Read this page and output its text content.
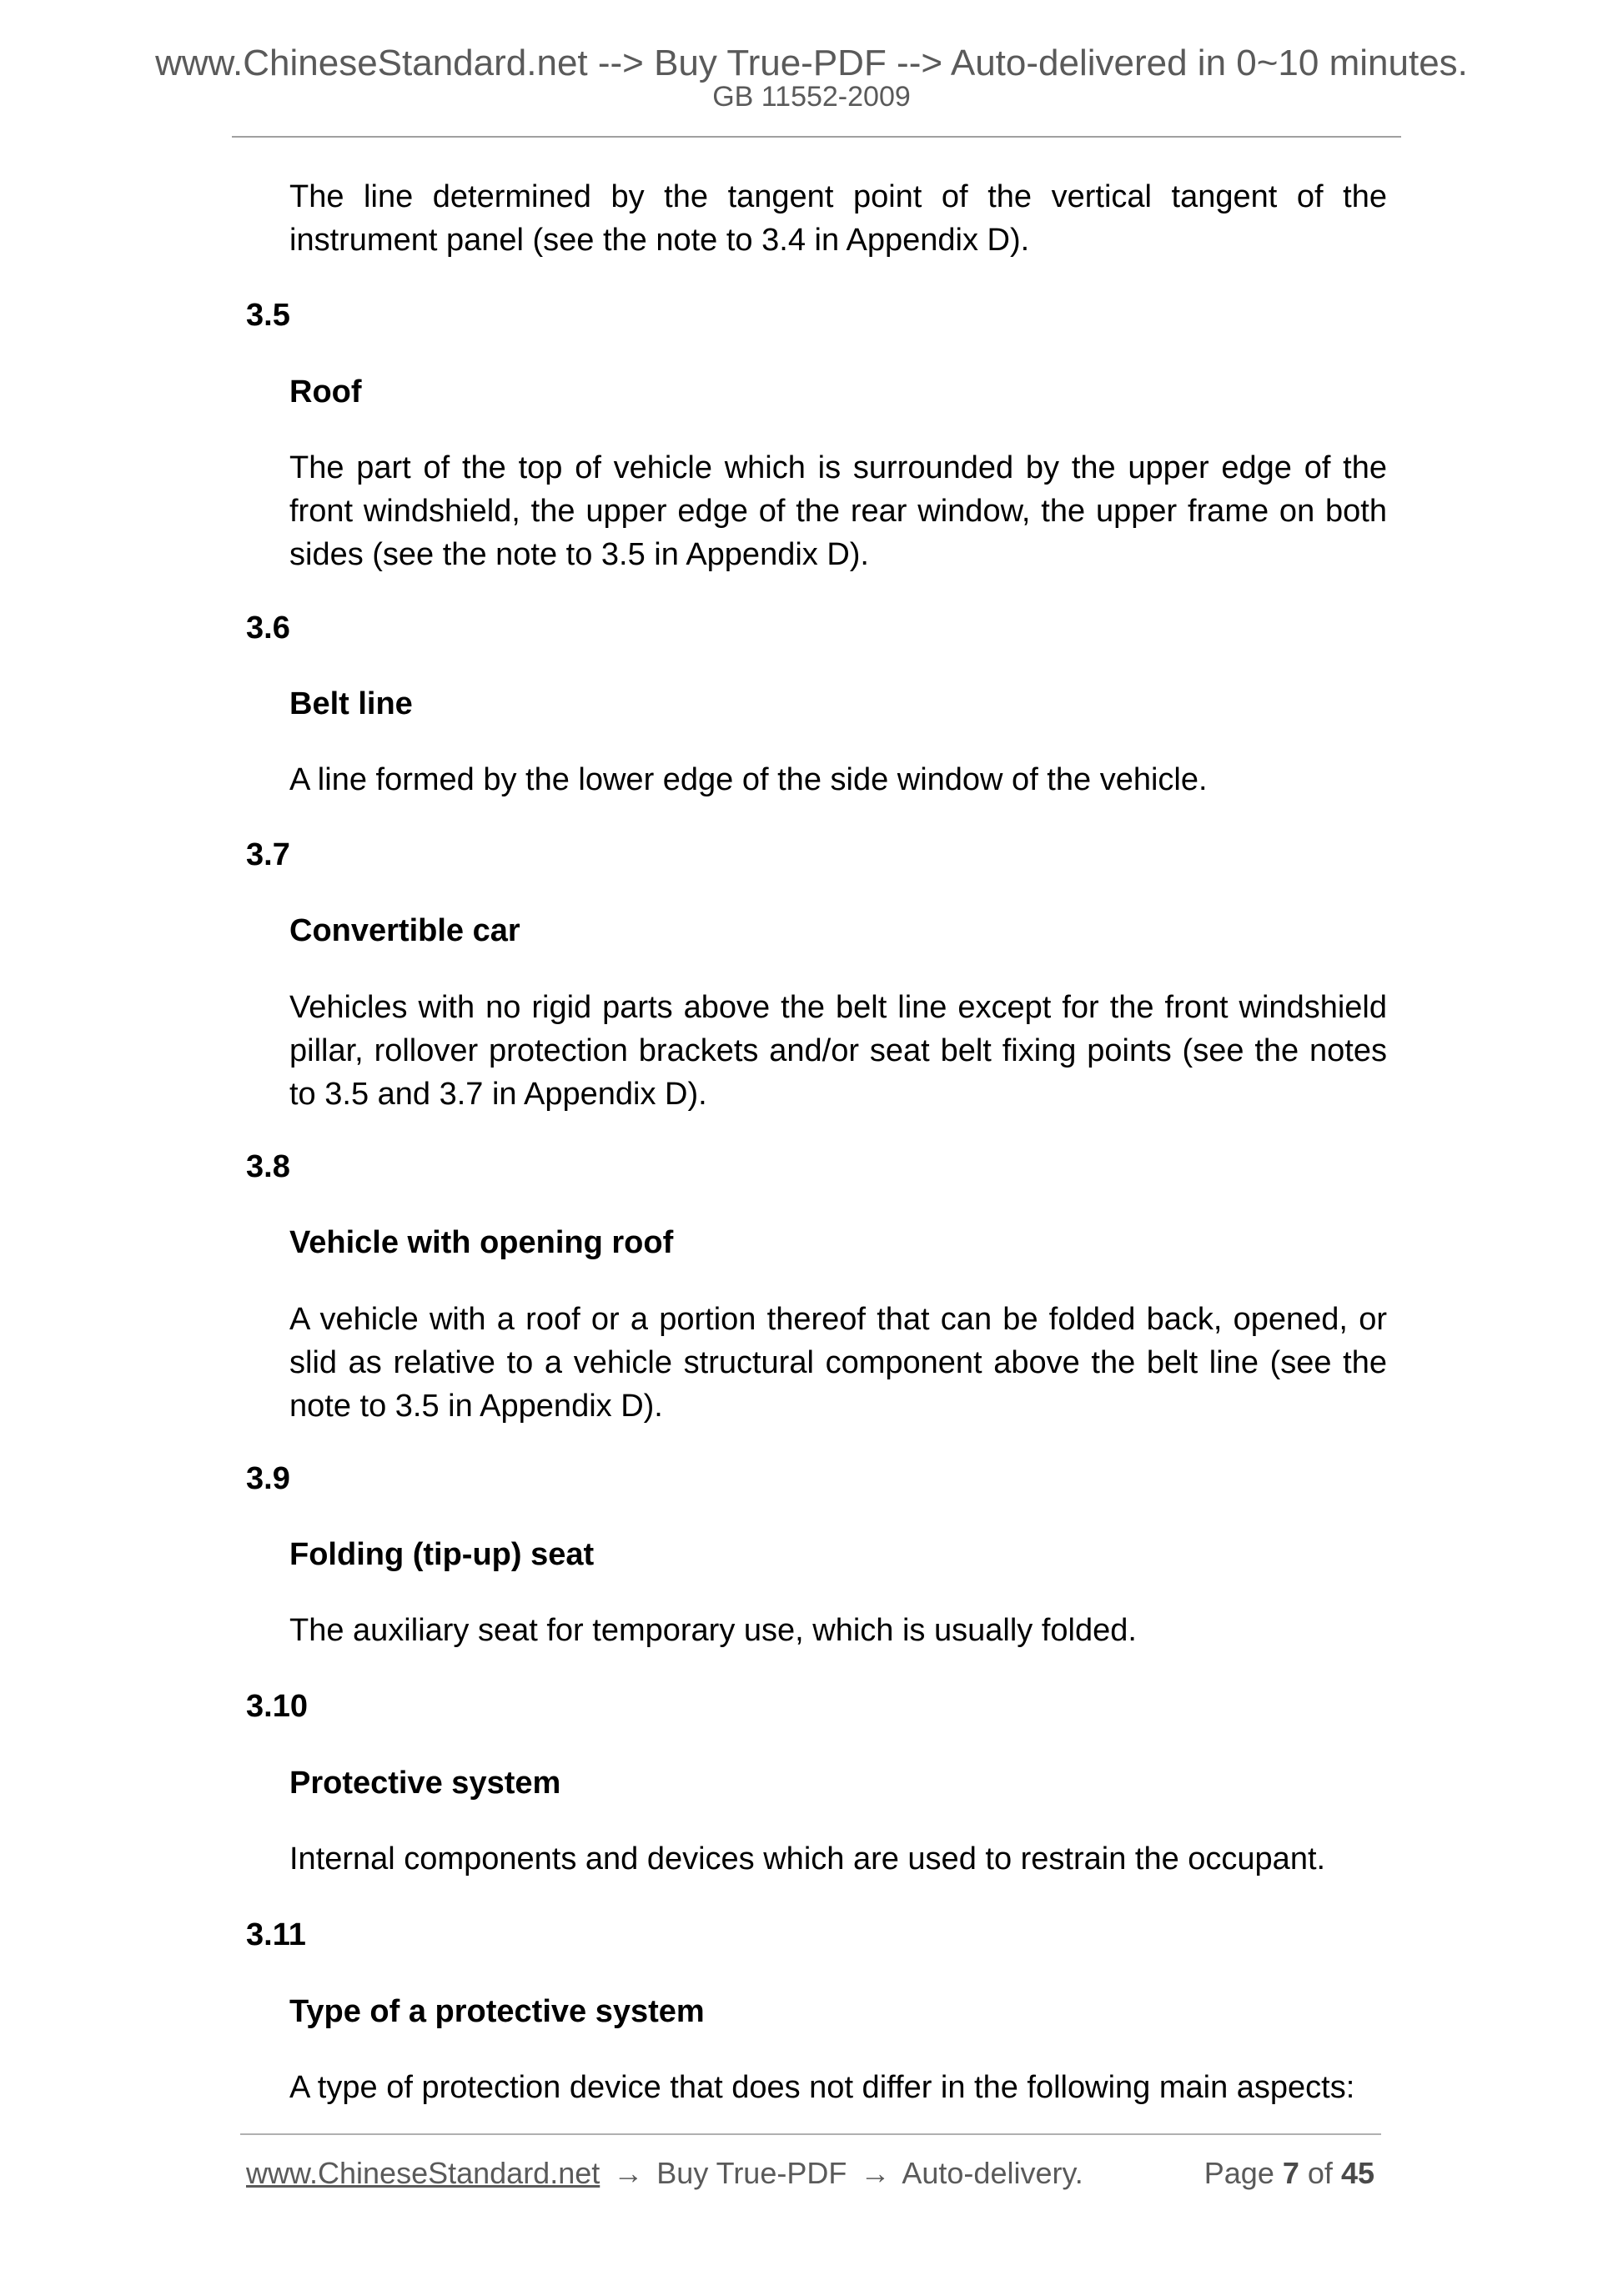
www.ChineseStandard.net --> Buy True-PDF --> Auto-delivered in 0~10 minutes.
GB 11552-2009
The line determined by the tangent point of the vertical tangent of the instrument panel (see the note to 3.4 in Appendix D).
3.5
Roof
The part of the top of vehicle which is surrounded by the upper edge of the front windshield, the upper edge of the rear window, the upper frame on both sides (see the note to 3.5 in Appendix D).
3.6
Belt line
A line formed by the lower edge of the side window of the vehicle.
3.7
Convertible car
Vehicles with no rigid parts above the belt line except for the front windshield pillar, rollover protection brackets and/or seat belt fixing points (see the notes to 3.5 and 3.7 in Appendix D).
3.8
Vehicle with opening roof
A vehicle with a roof or a portion thereof that can be folded back, opened, or slid as relative to a vehicle structural component above the belt line (see the note to 3.5 in Appendix D).
3.9
Folding (tip-up) seat
The auxiliary seat for temporary use, which is usually folded.
3.10
Protective system
Internal components and devices which are used to restrain the occupant.
3.11
Type of a protective system
A type of protection device that does not differ in the following main aspects:
www.ChineseStandard.net → Buy True-PDF → Auto-delivery.	Page 7 of 45
